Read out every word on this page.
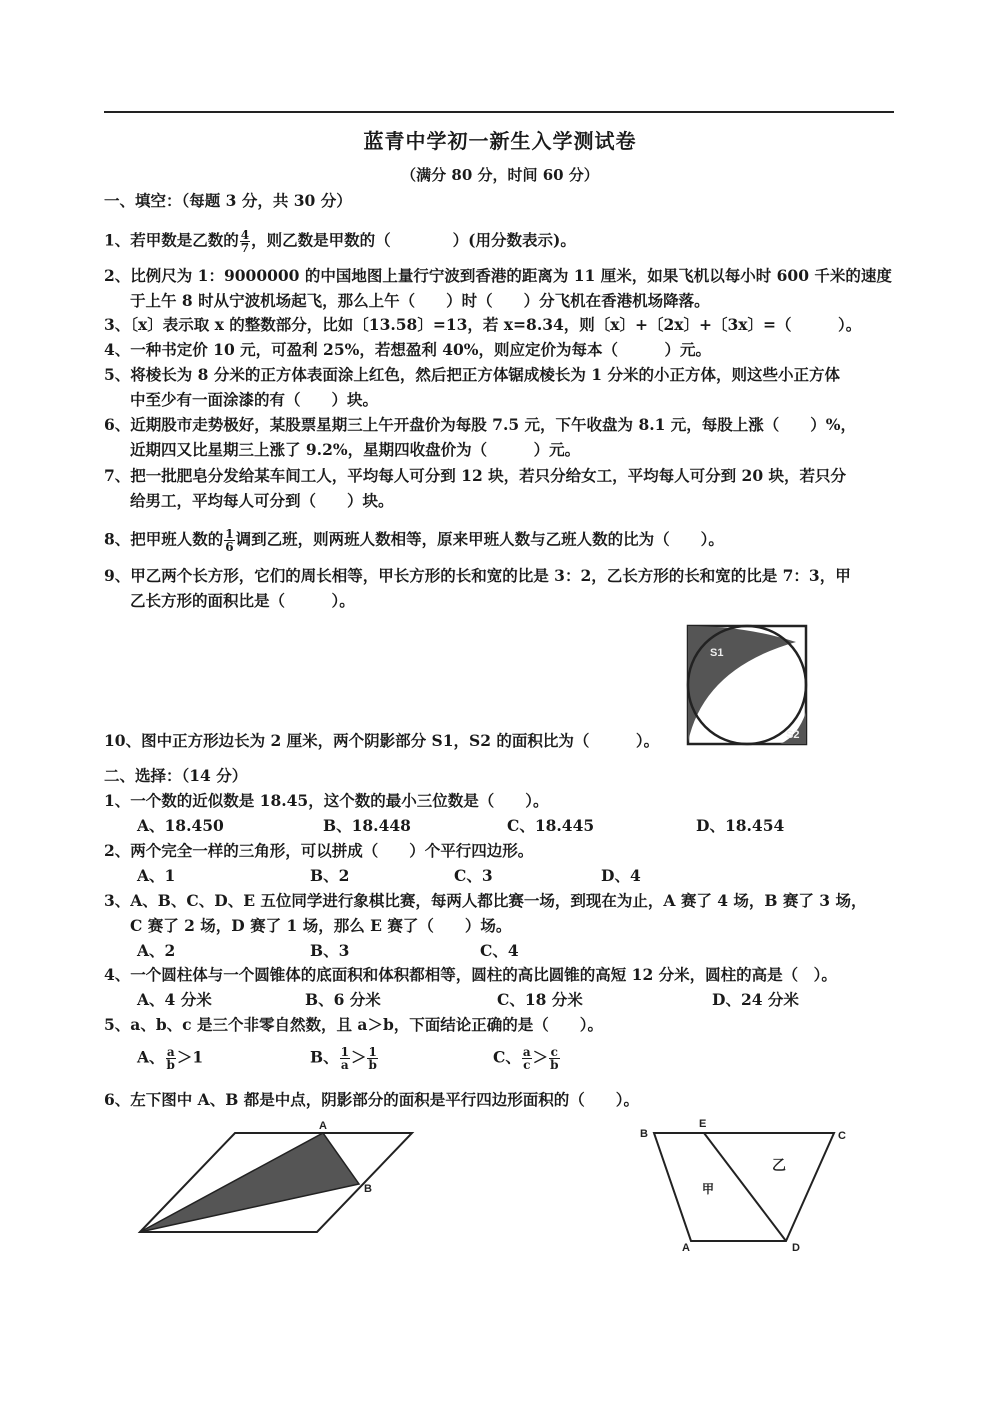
蓝青中学初一新生入学测试卷
（满分 80 分，时间 60 分）
一、填空：（每题 3 分，共 30 分）
1、若甲数是乙数的 $\frac{4}{7}$ ，则乙数是甲数的（　　　　）(用分数表示)。
2、比例尺为 1：9000000 的中国地图上量行宁波到香港的距离为 11 厘米，如果飞机以每小时 600 千米的速度
于上午 8 时从宁波机场起飞，那么上午（　　）时（　　）分飞机在香港机场降落。
3、〔x〕表示取 x 的整数部分，比如〔13.58〕=13，若 x=8.34，则〔x〕+〔2x〕+〔3x〕=（　　　）。
4、一种书定价 10 元，可盈利 25%，若想盈利 40%，则应定价为每本（　　　）元。
5、将棱长为 8 分米的正方体表面涂上红色，然后把正方体锯成棱长为 1 分米的小正方体，则这些小正方体
中至少有一面涂漆的有（　　）块。
6、近期股市走势极好，某股票星期三上午开盘价为每股 7.5 元，下午收盘为 8.1 元，每股上涨（　　）%，
近期四又比星期三上涨了 9.2%，星期四收盘价为（　　　）元。
7、把一批肥皂分发给某车间工人，平均每人可分到 12 块，若只分给女工，平均每人可分到 20 块，若只分
给男工，平均每人可分到（　　）块。
8、把甲班人数的 $\frac{1}{6}$ 调到乙班，则两班人数相等，原来甲班人数与乙班人数的比为（　　）。
9、甲乙两个长方形，它们的周长相等，甲长方形的长和宽的比是 3：2，乙长方形的长和宽的比是 7：3，甲
乙长方形的面积比是（　　　）。
S1
S2
10、图中正方形边长为 2 厘米，两个阴影部分 S1，S2 的面积比为（　　　）。
二、选择：（14 分）
1、一个数的近似数是 18.45，这个数的最小三位数是（　　）。
A、18.450	B、18.448	C、18.445	D、18.454
2、两个完全一样的三角形，可以拼成（　　）个平行四边形。
A、1	B、2	C、3	D、4
3、A、B、C、D、E 五位同学进行象棋比赛，每两人都比赛一场，到现在为止，A 赛了 4 场，B 赛了 3 场，
C 赛了 2 场，D 赛了 1 场，那么 E 赛了（　　）场。
A、2	B、3	C、4
4、一个圆柱体与一个圆锥体的底面积和体积都相等，圆柱的高比圆锥的高短 12 分米，圆柱的高是（　）。
A、4 分米	B、6 分米	C、18 分米	D、24 分米
5、a、b、c 是三个非零自然数，且 a＞b，下面结论正确的是（　　）。
A、 $\frac{a}{b} >1$	B、 $\frac{1}{a} > \frac{1}{b}$	C、 $\frac{a}{c} > \frac{c}{b}$
6、左下图中 A、B 都是中点，阴影部分的面积是平行四边形面积的（　　）。
A
B
B
E
C
A	D
甲
乙
